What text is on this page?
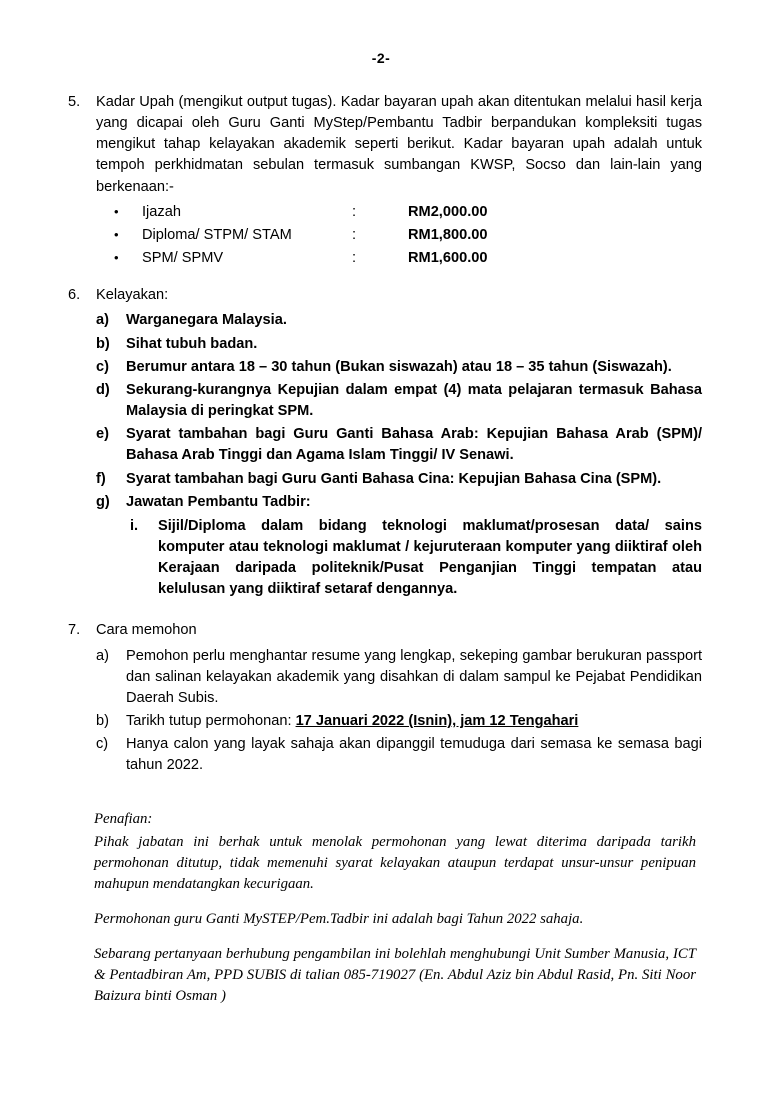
-2-
5.	Kadar Upah (mengikut output tugas). Kadar bayaran upah akan ditentukan melalui hasil kerja yang dicapai oleh Guru Ganti MyStep/Pembantu Tadbir berpandukan kompleksiti tugas mengikut tahap kelayakan akademik seperti berikut. Kadar bayaran upah adalah untuk tempoh perkhidmatan sebulan termasuk sumbangan KWSP, Socso dan lain-lain yang berkenaan:-
•	Ijazah	:	RM2,000.00
•	Diploma/ STPM/ STAM	:	RM1,800.00
•	SPM/ SPMV	:	RM1,600.00
6.	Kelayakan:
a)	Warganegara Malaysia.
b)	Sihat tubuh badan.
c)	Berumur antara 18 – 30 tahun (Bukan siswazah) atau 18 – 35 tahun (Siswazah).
d)	Sekurang-kurangnya Kepujian dalam empat (4) mata pelajaran termasuk Bahasa Malaysia di peringkat SPM.
e)	Syarat tambahan bagi Guru Ganti Bahasa Arab: Kepujian Bahasa Arab (SPM)/ Bahasa Arab Tinggi dan Agama Islam Tinggi/ IV Senawi.
f)	Syarat tambahan bagi Guru Ganti Bahasa Cina: Kepujian Bahasa Cina (SPM).
g)	Jawatan Pembantu Tadbir:
i.	Sijil/Diploma dalam bidang teknologi maklumat/prosesan data/ sains komputer atau teknologi maklumat / kejuruteraan komputer yang diiktiraf oleh Kerajaan daripada politeknik/Pusat Penganjian Tinggi tempatan atau kelulusan yang diiktiraf setaraf dengannya.
7.	Cara memohon
a)	Pemohon perlu menghantar resume yang lengkap, sekeping gambar berukuran passport dan salinan kelayakan akademik yang disahkan di dalam sampul ke Pejabat Pendidikan Daerah Subis.
b)	Tarikh tutup permohonan: 17 Januari 2022 (Isnin), jam 12 Tengahari
c)	Hanya calon yang layak sahaja akan dipanggil temuduga dari semasa ke semasa bagi tahun 2022.

Penafian:

Pihak jabatan ini berhak untuk menolak permohonan yang lewat diterima daripada tarikh permohonan ditutup, tidak memenuhi syarat kelayakan ataupun terdapat unsur-unsur penipuan mahupun mendatangkan kecurigaan.

Permohonan guru Ganti MySTEP/Pem.Tadbir ini adalah bagi Tahun 2022 sahaja.

Sebarang pertanyaan berhubung pengambilan ini bolehlah menghubungi Unit Sumber Manusia, ICT & Pentadbiran Am, PPD SUBIS di talian 085-719027 (En. Abdul Aziz bin Abdul Rasid, Pn. Siti Noor Baizura binti Osman )
